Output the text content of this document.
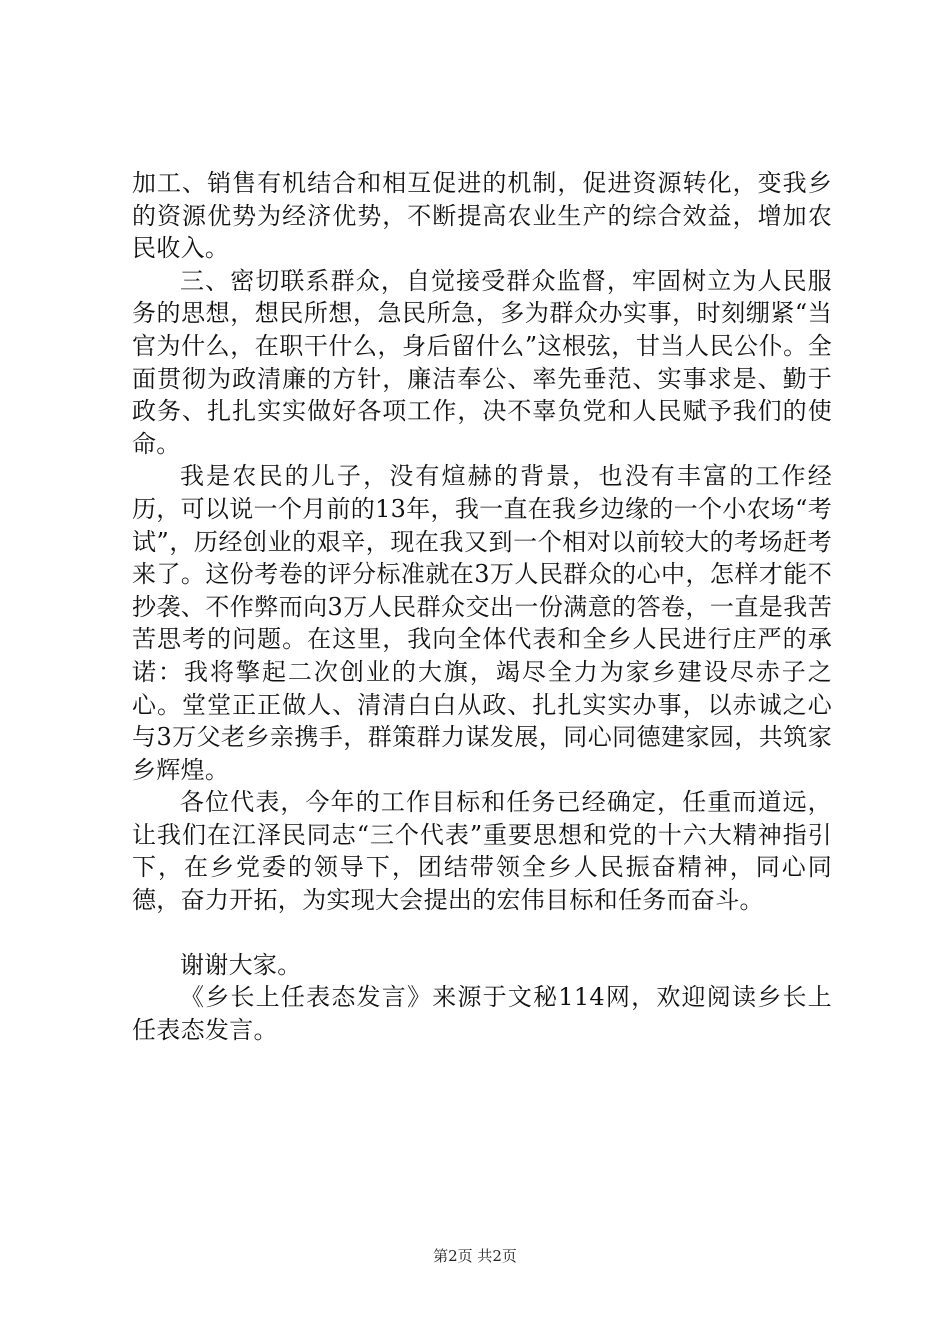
加工、销售有机结合和相互促进的机制，促进资源转化，变我乡的资源优势为经济优势，不断提高农业生产的综合效益，增加农民收入。

三、密切联系群众，自觉接受群众监督，牢固树立为人民服务的思想，想民所想，急民所急，多为群众办实事，时刻绷紧“当官为什么，在职干什么，身后留什么”这根弦，甘当人民公仆。全面贯彻为政清廉的方针，廉洁奉公、率先垂范、实事求是、勤于政务、扎扎实实做好各项工作，决不辜负党和人民赋予我们的使命。

我是农民的儿子，没有煊赫的背景，也没有丰富的工作经历，可以说一个月前的13年，我一直在我乡边缘的一个小农场“考试”，历经创业的艰辛，现在我又到一个相对以前较大的考场赶考来了。这份考卷的评分标准就在3万人民群众的心中，怎样才能不抄袭、不作弊而向3万人民群众交出一份满意的答卷，一直是我苦苦思考的问题。在这里，我向全体代表和全乡人民进行庄严的承诺：我将擎起二次创业的大旗，竭尽全力为家乡建设尽赤子之心。堂堂正正做人、清清白白从政、扎扎实实办事，以赤诚之心与3万父老乡亲携手，群策群力谋发展，同心同德建家园，共筑家乡辉煌。

各位代表，今年的工作目标和任务已经确定，任重而道远，让我们在江泽民同志“三个代表”重要思想和党的十六大精神指引下，在乡党委的领导下，团结带领全乡人民振奋精神，同心同德，奋力开拓，为实现大会提出的宏伟目标和任务而奋斗。

谢谢大家。

《乡长上任表态发言》来源于文秘114网，欢迎阅读乡长上任表态发言。

第2页 共2页
